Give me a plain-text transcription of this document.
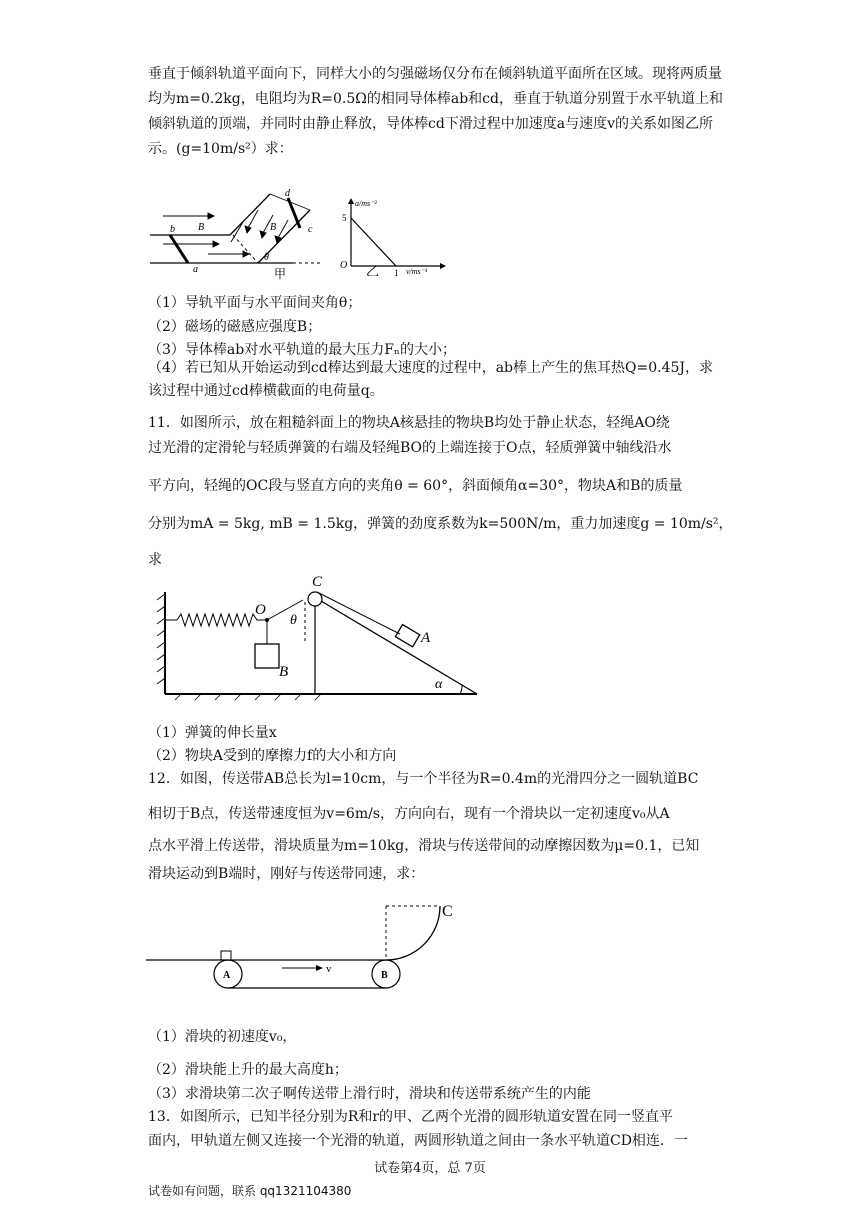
垂直于倾斜轨道平面向下，同样大小的匀强磁场仅分布在倾斜轨道平面所在区域。现将两质量均为m=0.2kg，电阻均为R=0.5Ω的相同导体棒ab和cd，垂直于轨道分别置于水平轨道上和倾斜轨道的顶端，并同时由静止释放，导体棒cd下滑过程中加速度a与速度v的关系如图乙所示。(g=10m/s²）求：

b
a
d
c
B	B
θ
甲
a/ms⁻²
5
O 乙 1 v/ms⁻¹
（1）导轨平面与水平面间夹角θ；
（2）磁场的磁感应强度B；
（3）导体棒ab对水平轨道的最大压力Fₙ的大小；

（4）若已知从开始运动到cd棒达到最大速度的过程中，ab棒上产生的焦耳热Q=0.45J，求该过程中通过cd棒横截面的电荷量q。

11．如图所示，放在粗糙斜面上的物块A核悬挂的物块B均处于静止状态，轻绳AO绕
过光滑的定滑轮与轻质弹簧的右端及轻绳BO的上端连接于O点，轻质弹簧中轴线沿水
平方向，轻绳的OC段与竖直方向的夹角θ = 60°，斜面倾角α=30°，物块A和B的质量
分别为mA = 5kg, mB = 1.5kg，弹簧的劲度系数为k=500N/m，重力加速度g = 10m/s²，
求
C
O
A
B
θ
α
（1）弹簧的伸长量x
（2）物块A受到的摩擦力f的大小和方向
12．如图，传送带AB总长为l=10cm，与一个半径为R=0.4m的光滑四分之一圆轨道BC
相切于B点，传送带速度恒为v=6m/s，方向向右，现有一个滑块以一定初速度v₀从A
点水平滑上传送带，滑块质量为m=10kg，滑块与传送带间的动摩擦因数为μ=0.1，已知
滑块运动到B端时，刚好与传送带同速，求：
A	B
C
v
（1）滑块的初速度v₀，
（2）滑块能上升的最大高度h；
（3）求滑块第二次子啊传送带上滑行时，滑块和传送带系统产生的内能
13．如图所示，已知半径分别为R和r的甲、乙两个光滑的圆形轨道安置在同一竖直平
面内，甲轨道左侧又连接一个光滑的轨道，两圆形轨道之间由一条水平轨道CD相连．一
试卷第4页，总 7页
试卷如有问题，联系 qq1321104380
